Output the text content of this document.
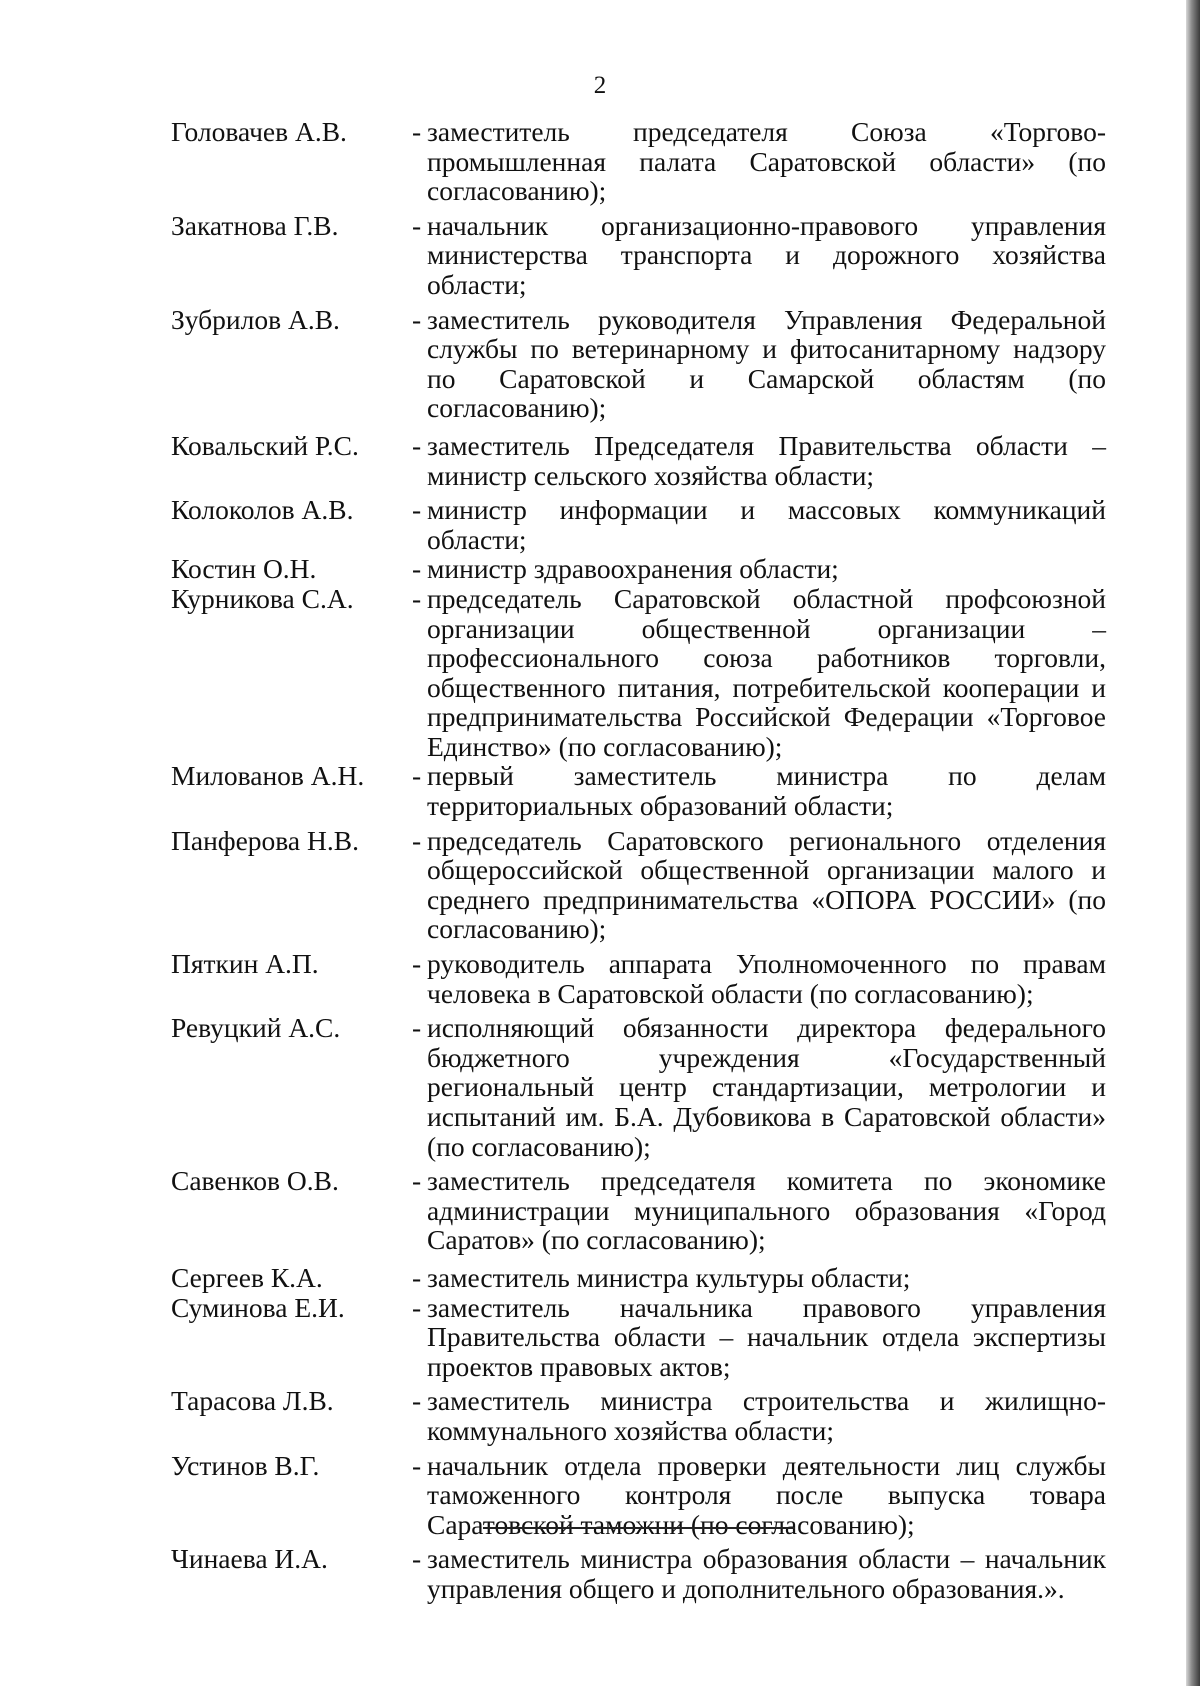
2
Головачев А.В.	- заместитель председателя Союза «Торгово-промышленная палата Саратовской области» (по согласованию);
Закатнова Г.В.	- начальник организационно-правового управления министерства транспорта и дорожного хозяйства области;
Зубрилов А.В.	- заместитель руководителя Управления Федеральной службы по ветеринарному и фитосанитарному надзору по Саратовской и Самарской областям (по согласованию);
Ковальский Р.С.	- заместитель Председателя Правительства области – министр сельского хозяйства области;
Колоколов А.В.	- министр информации и массовых коммуникаций области;
Костин О.Н.	- министр здравоохранения области;
Курникова С.А.	- председатель Саратовской областной профсоюзной организации общественной организации – профессионального союза работников торговли, общественного питания, потребительской кооперации и предпринимательства Российской Федерации «Торговое Единство» (по согласованию);
Милованов А.Н.	- первый заместитель министра по делам территориальных образований области;
Панферова Н.В.	- председатель Саратовского регионального отделения общероссийской общественной организации малого и среднего предпринимательства «ОПОРА РОССИИ» (по согласованию);
Пяткин А.П.	- руководитель аппарата Уполномоченного по правам человека в Саратовской области (по согласованию);
Ревуцкий А.С.	- исполняющий обязанности директора федерального бюджетного учреждения «Государственный региональный центр стандартизации, метрологии и испытаний им. Б.А. Дубовикова в Саратовской области» (по согласованию);
Савенков О.В.	- заместитель председателя комитета по экономике администрации муниципального образования «Город Саратов» (по согласованию);
Сергеев К.А.	- заместитель министра культуры области;
Суминова Е.И.	- заместитель начальника правового управления Правительства области – начальник отдела экспертизы проектов правовых актов;
Тарасова Л.В.	- заместитель министра строительства и жилищно-коммунального хозяйства области;
Устинов В.Г.	- начальник отдела проверки деятельности лиц службы таможенного контроля после выпуска товара Саратовской таможни (по согласованию);
Чинаева И.А.	- заместитель министра образования области – начальник управления общего и дополнительного образования.».
